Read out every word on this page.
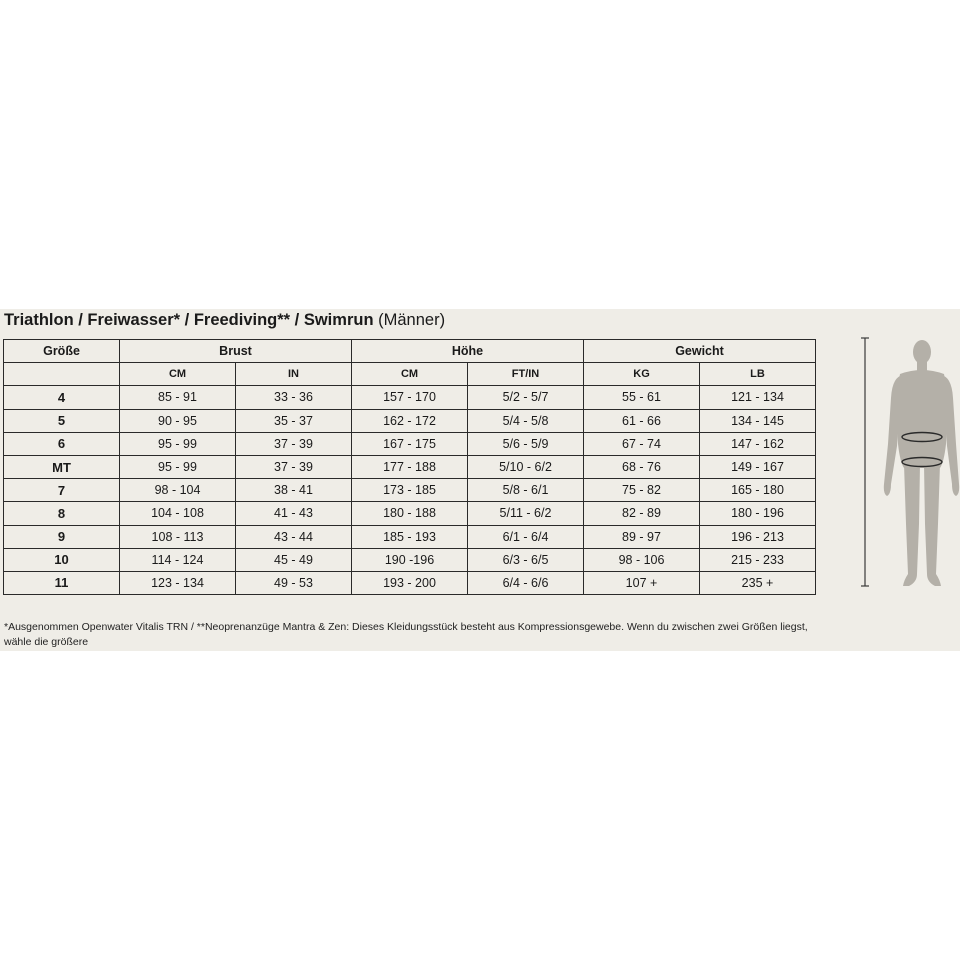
Triathlon / Freiwasser* / Freediving** / Swimrun (Männer)
Größe	Brust		Höhe		Gewicht	
	CM	IN	CM	FT/IN	KG	LB
4	85 - 91	33 - 36	157 - 170	5/2 - 5/7	55 - 61	121 - 134
5	90 - 95	35 - 37	162 - 172	5/4 - 5/8	61 - 66	134 - 145
6	95 - 99	37 - 39	167 - 175	5/6 - 5/9	67 - 74	147 - 162
MT	95 - 99	37 - 39	177 - 188	5/10 - 6/2	68 - 76	149 - 167
7	98 - 104	38 - 41	173 - 185	5/8 - 6/1	75 - 82	165 - 180
8	104 - 108	41 - 43	180 - 188	5/11 - 6/2	82 - 89	180 - 196
9	108 - 113	43 - 44	185 - 193	6/1 - 6/4	89 - 97	196 - 213
10	114 - 124	45 - 49	190 -196	6/3 - 6/5	98 - 106	215 - 233
11	123 - 134	49 - 53	193 - 200	6/4 - 6/6	107 +	235 +
*Ausgenommen Openwater Vitalis TRN / **Neoprenanzüge Mantra & Zen: Dieses Kleidungsstück besteht aus Kompressionsgewebe. Wenn du zwischen zwei Größen liegst, wähle die größere
